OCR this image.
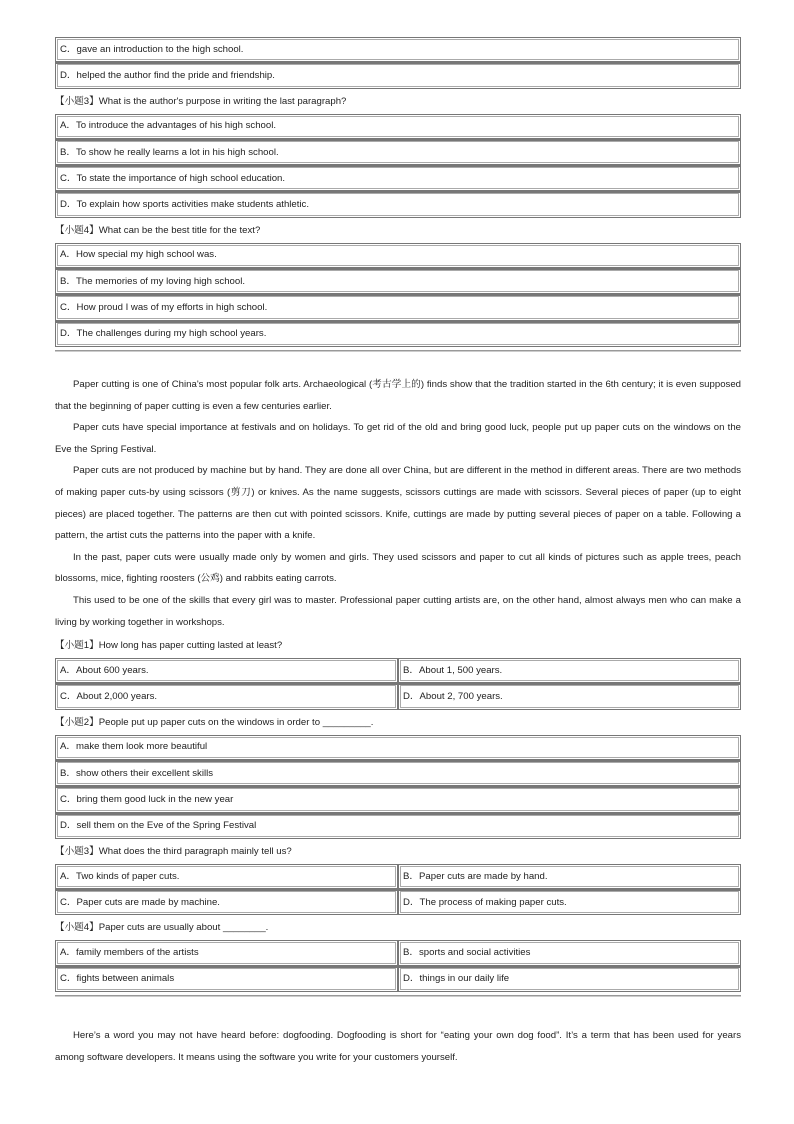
C．gave an introduction to the high school.
D．helped the author find the pride and friendship.
【小题3】What is the author's purpose in writing the last paragraph?
A．To introduce the advantages of his high school.
B．To show he really learns a lot in his high school.
C．To state the importance of high school education.
D．To explain how sports activities make students athletic.
【小题4】What can be the best title for the text?
A．How special my high school was.
B．The memories of my loving high school.
C．How proud I was of my efforts in high school.
D．The challenges during my high school years.

Paper cutting is one of China's most popular folk arts. Archaeological (考古学上的) finds show that the tradition started in the 6th century; it is even supposed that the beginning of paper cutting is even a few centuries earlier.

Paper cuts have special importance at festivals and on holidays. To get rid of the old and bring good luck, people put up paper cuts on the windows on the Eve the Spring Festival.

Paper cuts are not produced by machine but by hand. They are done all over China, but are different in the method in different areas. There are two methods of making paper cuts-by using scissors (剪刀) or knives. As the name suggests, scissors cuttings are made with scissors. Several pieces of paper (up to eight pieces) are placed together. The patterns are then cut with pointed scissors. Knife, cuttings are made by putting several pieces of paper on a table. Following a pattern, the artist cuts the patterns into the paper with a knife.

In the past, paper cuts were usually made only by women and girls. They used scissors and paper to cut all kinds of pictures such as apple trees, peach blossoms, mice, fighting roosters (公鸡) and rabbits eating carrots.

This used to be one of the skills that every girl was to master. Professional paper cutting artists are, on the other hand, almost always men who can make a living by working together in workshops.

【小题1】How long has paper cutting lasted at least?
A．About 600 years.	B．About 1, 500 years.
C．About 2,000 years.	D．About 2, 700 years.
【小题2】People put up paper cuts on the windows in order to _________.
A．make them look more beautiful
B．show others their excellent skills
C．bring them good luck in the new year
D．sell them on the Eve of the Spring Festival
【小题3】What does the third paragraph mainly tell us?
A．Two kinds of paper cuts.	B．Paper cuts are made by hand.
C．Paper cuts are made by machine.	D．The process of making paper cuts.
【小题4】Paper cuts are usually about ________.
A．family members of the artists	B．sports and social activities
C．fights between animals	D．things in our daily life

Here’s a word you may not have heard before: dogfooding. Dogfooding is short for “eating your own dog food”. It’s a term that has been used for years among software developers. It means using the software you write for your customers yourself.
